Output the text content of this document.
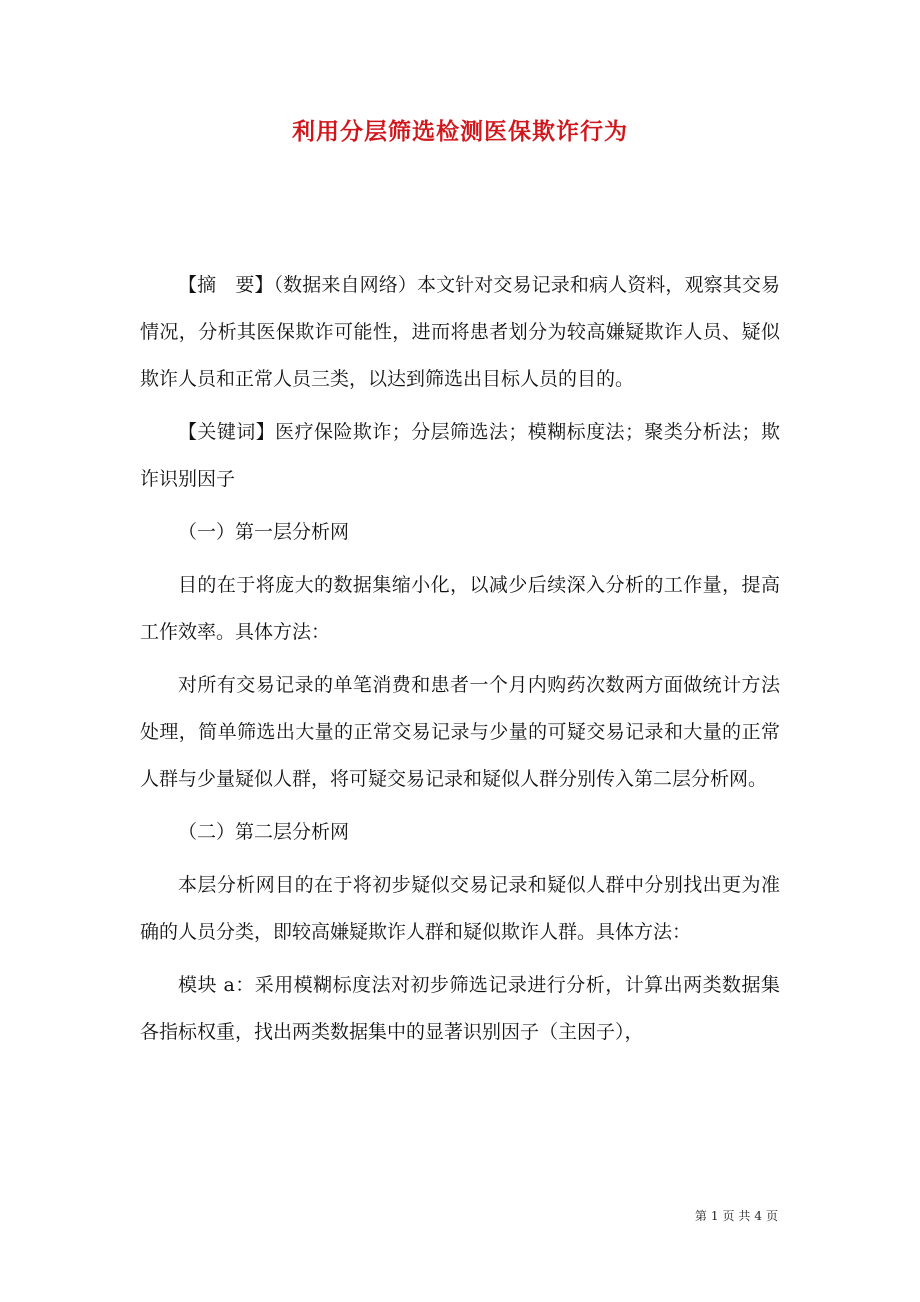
利用分层筛选检测医保欺诈行为

【摘　要】（数据来自网络）本文针对交易记录和病人资料，观察其交易情况，分析其医保欺诈可能性，进而将患者划分为较高嫌疑欺诈人员、疑似欺诈人员和正常人员三类，以达到筛选出目标人员的目的。

【关键词】医疗保险欺诈；分层筛选法；模糊标度法；聚类分析法；欺诈识别因子

（一）第一层分析网

目的在于将庞大的数据集缩小化，以减少后续深入分析的工作量，提高工作效率。具体方法：

对所有交易记录的单笔消费和患者一个月内购药次数两方面做统计方法处理，简单筛选出大量的正常交易记录与少量的可疑交易记录和大量的正常人群与少量疑似人群，将可疑交易记录和疑似人群分别传入第二层分析网。

（二）第二层分析网

本层分析网目的在于将初步疑似交易记录和疑似人群中分别找出更为准确的人员分类，即较高嫌疑欺诈人群和疑似欺诈人群。具体方法：

模块 a：采用模糊标度法对初步筛选记录进行分析，计算出两类数据集各指标权重，找出两类数据集中的显著识别因子（主因子），

第 1 页 共 4 页
